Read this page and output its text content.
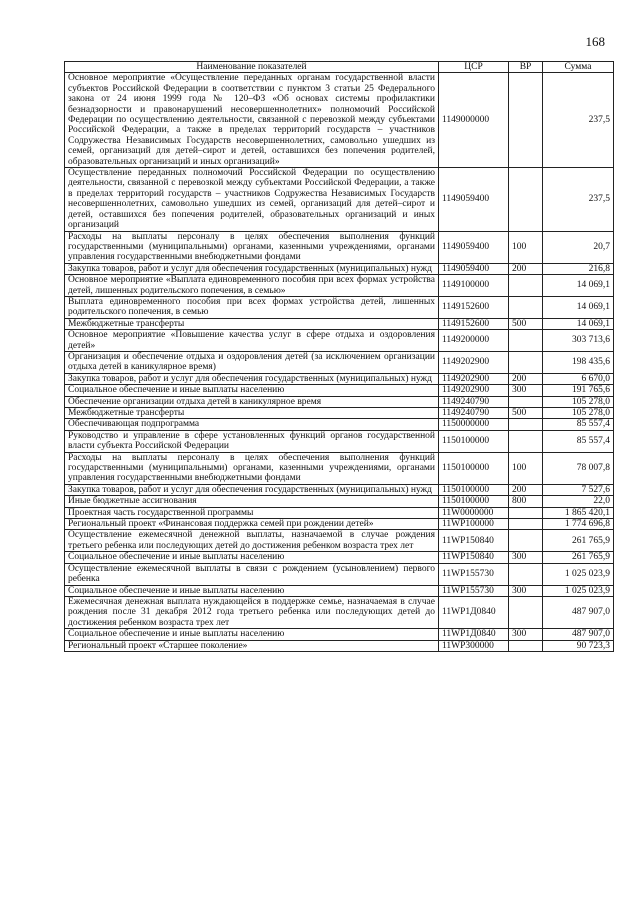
168
Наименование показателей	ЦСР	ВР	Сумма
Основное мероприятие «Осуществление переданных органам государственной власти субъектов Российской Федерации в соответствии с пунктом 3 статьи 25 Федерального закона от 24 июня 1999 года № 120–ФЗ «Об основах системы профилактики безнадзорности и правонарушений несовершеннолетних» полномочий Российской Федерации по осуществлению деятельности, связанной с перевозкой между субъектами Российской Федерации, а также в пределах территорий государств – участников Содружества Независимых Государств несовершеннолетних, самовольно ушедших из семей, организаций для детей–сирот и детей, оставшихся без попечения родителей, образовательных организаций и иных организаций»	1149000000		237,5
Осуществление переданных полномочий Российской Федерации по осуществлению деятельности, связанной с перевозкой между субъектами Российской Федерации, а также в пределах территорий государств – участников Содружества Независимых Государств несовершеннолетних, самовольно ушедших из семей, организаций для детей–сирот и детей, оставшихся без попечения родителей, образовательных организаций и иных организаций	1149059400		237,5
Расходы на выплаты персоналу в целях обеспечения выполнения функций государственными (муниципальными) органами, казенными учреждениями, органами управления государственными внебюджетными фондами	1149059400	100	20,7
Закупка товаров, работ и услуг для обеспечения государственных (муниципальных) нужд	1149059400	200	216,8
Основное мероприятие «Выплата единовременного пособия при всех формах устройства детей, лишенных родительского попечения, в семью»	1149100000		14 069,1
Выплата единовременного пособия при всех формах устройства детей, лишенных родительского попечения, в семью	1149152600		14 069,1
Межбюджетные трансферты	1149152600	500	14 069,1
Основное мероприятие «Повышение качества услуг в сфере отдыха и оздоровления детей»	1149200000		303 713,6
Организация и обеспечение отдыха и оздоровления детей (за исключением организации отдыха детей в каникулярное время)	1149202900		198 435,6
Закупка товаров, работ и услуг для обеспечения государственных (муниципальных) нужд	1149202900	200	6 670,0
Социальное обеспечение и иные выплаты населению	1149202900	300	191 765,6
Обеспечение организации отдыха детей в каникулярное время	1149240790		105 278,0
Межбюджетные трансферты	1149240790	500	105 278,0
Обеспечивающая подпрограмма	1150000000		85 557,4
Руководство и управление в сфере установленных функций органов государственной власти субъекта Российской Федерации	1150100000		85 557,4
Расходы на выплаты персоналу в целях обеспечения выполнения функций государственными (муниципальными) органами, казенными учреждениями, органами управления государственными внебюджетными фондами	1150100000	100	78 007,8
Закупка товаров, работ и услуг для обеспечения государственных (муниципальных) нужд	1150100000	200	7 527,6
Иные бюджетные ассигнования	1150100000	800	22,0
Проектная часть государственной программы	11W0000000		1 865 420,1
Региональный проект «Финансовая поддержка семей при рождении детей»	11WP100000		1 774 696,8
Осуществление ежемесячной денежной выплаты, назначаемой в случае рождения третьего ребенка или последующих детей до достижения ребенком возраста трех лет	11WP150840		261 765,9
Социальное обеспечение и иные выплаты населению	11WP150840	300	261 765,9
Осуществление ежемесячной выплаты в связи с рождением (усыновлением) первого ребенка	11WP155730		1 025 023,9
Социальное обеспечение и иные выплаты населению	11WP155730	300	1 025 023,9
Ежемесячная денежная выплата нуждающейся в поддержке семье, назначаемая в случае рождения после 31 декабря 2012 года третьего ребенка или последующих детей до достижения ребенком возраста трех лет	11WP1Д0840		487 907,0
Социальное обеспечение и иные выплаты населению	11WP1Д0840	300	487 907,0
Региональный проект «Старшее поколение»	11WP300000		90 723,3
